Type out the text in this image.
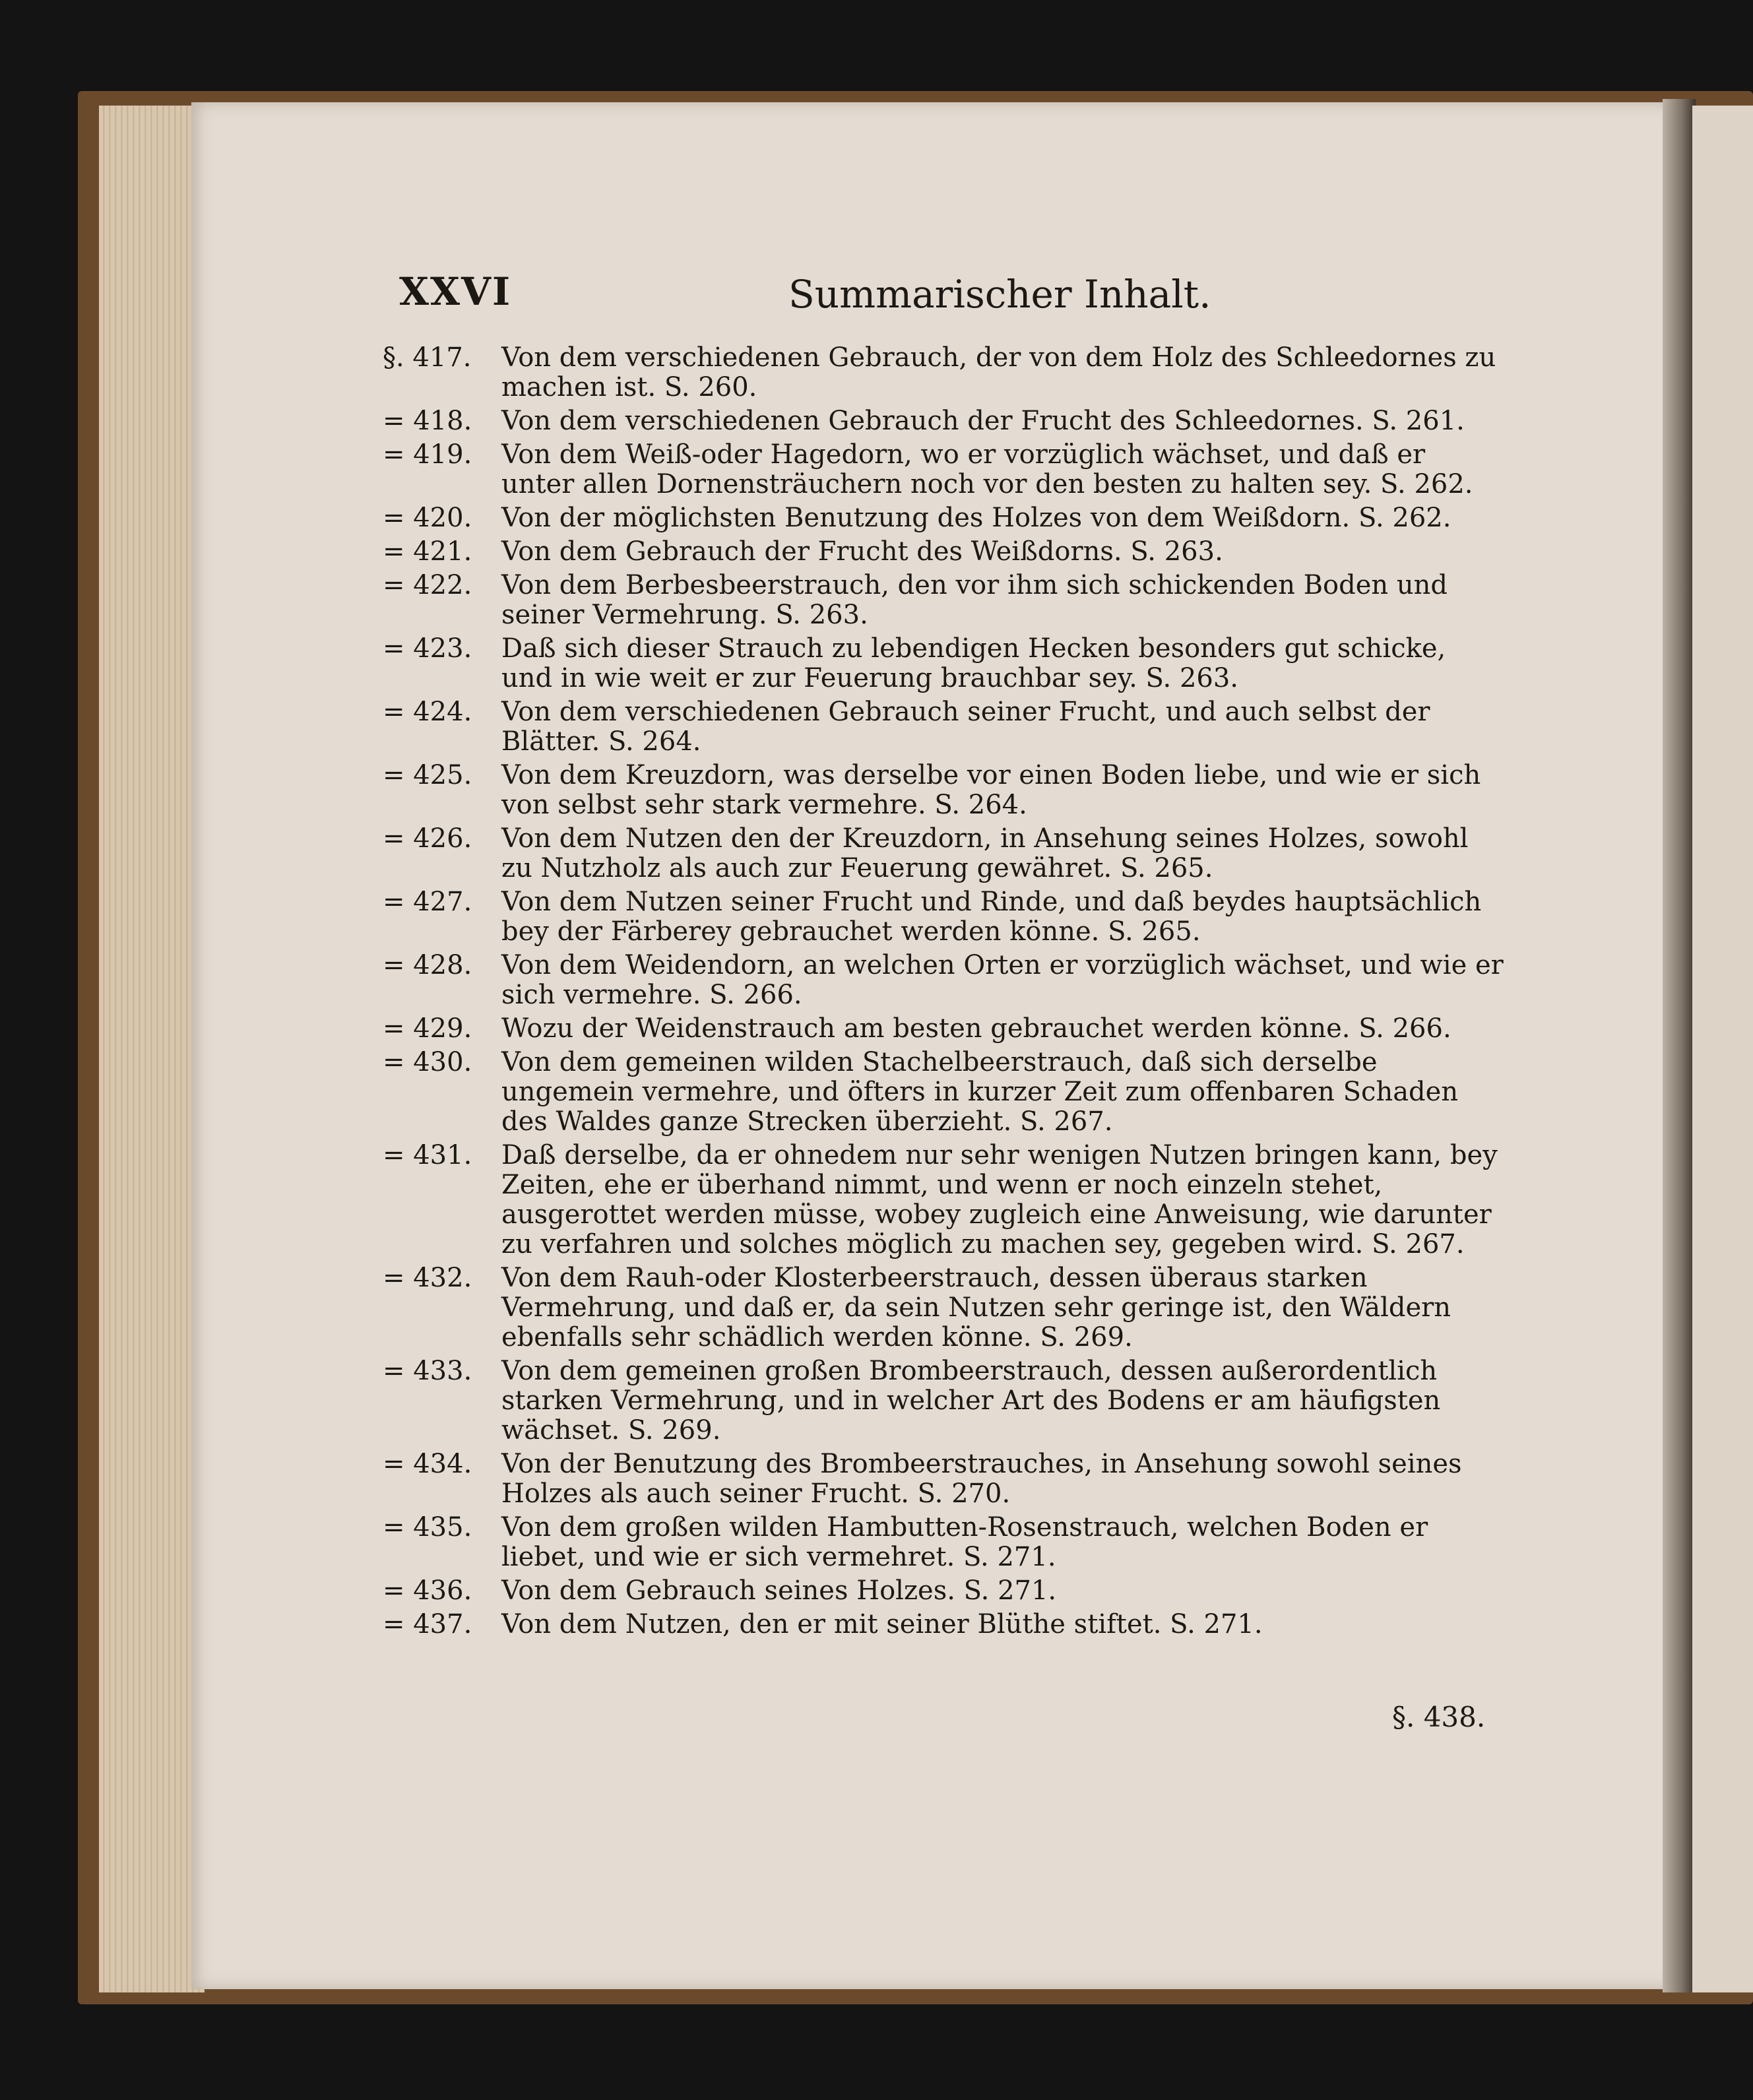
XXVI	Summarischer Inhalt.
§. 417.	Von dem verschiedenen Gebrauch, der von dem Holz des Schleedornes zu machen ist. S. 260.
= 418.	Von dem verschiedenen Gebrauch der Frucht des Schleedornes. S. 261.
= 419.	Von dem Weiß-oder Hagedorn, wo er vorzüglich wächset, und daß er unter allen Dornensträuchern noch vor den besten zu halten sey. S. 262.
= 420.	Von der möglichsten Benutzung des Holzes von dem Weißdorn. S. 262.
= 421.	Von dem Gebrauch der Frucht des Weißdorns. S. 263.
= 422.	Von dem Berbesbeerstrauch, den vor ihm sich schickenden Boden und seiner Vermehrung. S. 263.
= 423.	Daß sich dieser Strauch zu lebendigen Hecken besonders gut schicke, und in wie weit er zur Feuerung brauchbar sey. S. 263.
= 424.	Von dem verschiedenen Gebrauch seiner Frucht, und auch selbst der Blätter. S. 264.
= 425.	Von dem Kreuzdorn, was derselbe vor einen Boden liebe, und wie er sich von selbst sehr stark vermehre. S. 264.
= 426.	Von dem Nutzen den der Kreuzdorn, in Ansehung seines Holzes, sowohl zu Nutzholz als auch zur Feuerung gewähret. S. 265.
= 427.	Von dem Nutzen seiner Frucht und Rinde, und daß beydes hauptsächlich bey der Färberey gebrauchet werden könne. S. 265.
= 428.	Von dem Weidendorn, an welchen Orten er vorzüglich wächset, und wie er sich vermehre. S. 266.
= 429.	Wozu der Weidenstrauch am besten gebrauchet werden könne. S. 266.
= 430.	Von dem gemeinen wilden Stachelbeerstrauch, daß sich derselbe ungemein vermehre, und öfters in kurzer Zeit zum offenbaren Schaden des Waldes ganze Strecken überzieht. S. 267.
= 431.	Daß derselbe, da er ohnedem nur sehr wenigen Nutzen bringen kann, bey Zeiten, ehe er überhand nimmt, und wenn er noch einzeln stehet, ausgerottet werden müsse, wobey zugleich eine Anweisung, wie darunter zu verfahren und solches möglich zu machen sey, gegeben wird. S. 267.
= 432.	Von dem Rauh-oder Klosterbeerstrauch, dessen überaus starken Vermehrung, und daß er, da sein Nutzen sehr geringe ist, den Wäldern ebenfalls sehr schädlich werden könne. S. 269.
= 433.	Von dem gemeinen großen Brombeerstrauch, dessen außerordentlich starken Vermehrung, und in welcher Art des Bodens er am häufigsten wächset. S. 269.
= 434.	Von der Benutzung des Brombeerstrauches, in Ansehung sowohl seines Holzes als auch seiner Frucht. S. 270.
= 435.	Von dem großen wilden Hambutten-Rosenstrauch, welchen Boden er liebet, und wie er sich vermehret. S. 271.
= 436.	Von dem Gebrauch seines Holzes. S. 271.
= 437.	Von dem Nutzen, den er mit seiner Blüthe stiftet. S. 271.
§. 438.
